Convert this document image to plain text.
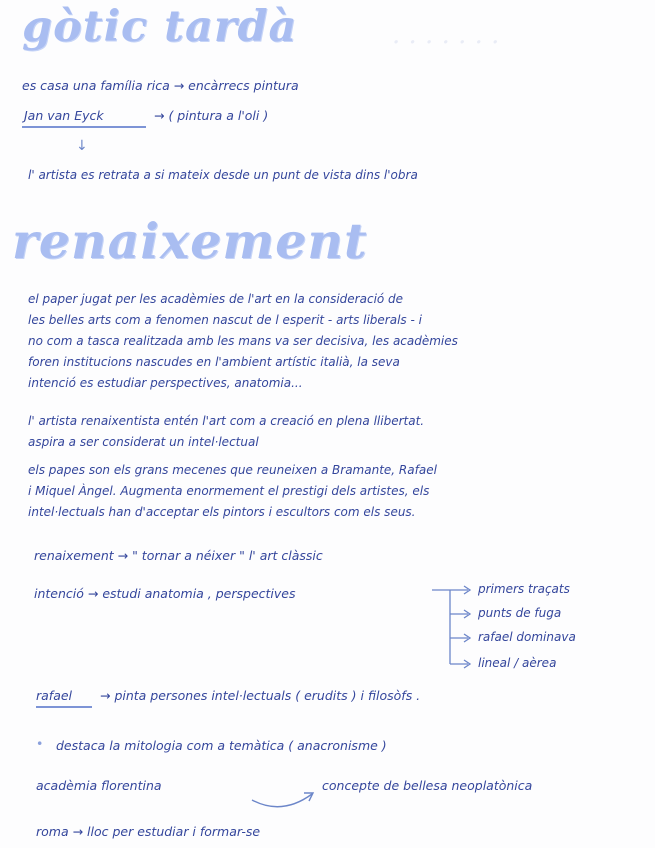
· · · · · · ·
gòtic tardà

es casa una família rica → encàrrecs pintura

Jan van Eyck	→ ( pintura a l'oli )

↓

l' artista es retrata a si mateix desde un punt de vista dins l'obra

renaixement

el paper jugat per les acadèmies de l'art en la consideració de

les belles arts com a fenomen nascut de l esperit - arts liberals - i

no com a tasca realitzada amb les mans va ser decisiva, les acadèmies

foren institucions nascudes en l'ambient artístic italià, la seva

intenció es estudiar perspectives, anatomia...

l' artista renaixentista entén l'art com a creació en plena llibertat.

aspira a ser considerat un intel·lectual

els papes son els grans mecenes que reuneixen a Bramante, Rafael

i Miquel Àngel. Augmenta enormement el prestigi dels artistes, els

intel·lectuals han d'acceptar els pintors i escultors com els seus.

renaixement → " tornar a néixer " l' art clàssic

intenció → estudi anatomia , perspectives	primers traçats

punts de fuga

rafael dominava

lineal / aèrea

rafael → pinta persones intel·lectuals ( erudits ) i filosòfs .

• destaca la mitologia com a temàtica ( anacronisme )

acadèmia florentina	concepte de bellesa neoplatònica

roma → lloc per estudiar i formar-se
